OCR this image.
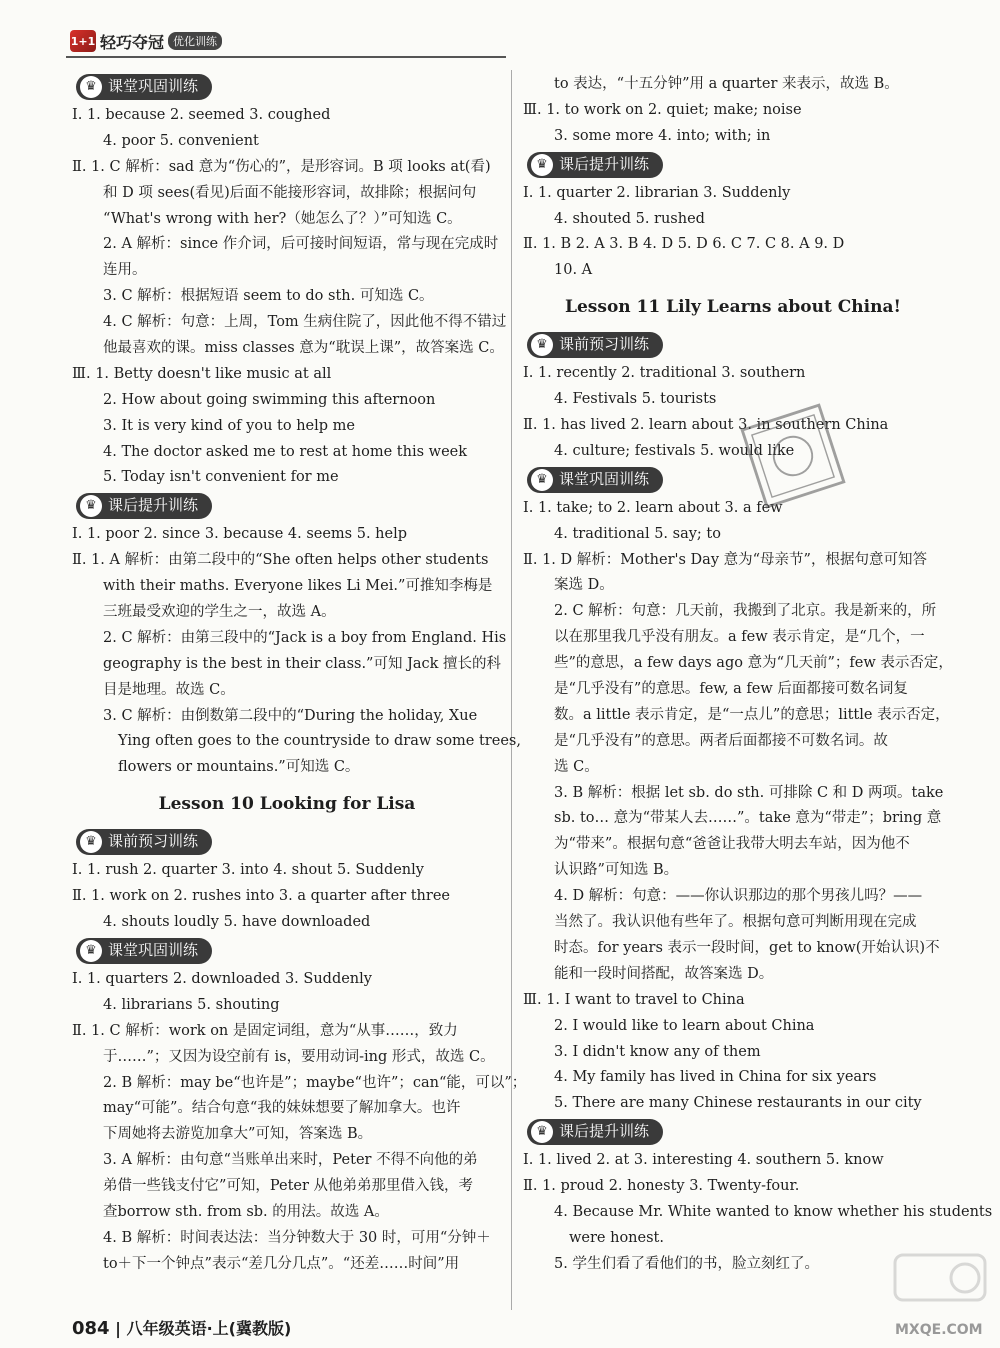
1+1 轻巧夺冠 优化训练
♛ 课堂巩固训练
Ⅰ. 1. because 2. seemed 3. coughed
4. poor 5. convenient
Ⅱ. 1. C 解析：sad 意为“伤心的”，是形容词。B 项 looks at(看)
和 D 项 sees(看见)后面不能接形容词，故排除；根据问句
“What's wrong with her?（她怎么了？）”可知选 C。
2. A 解析：since 作介词，后可接时间短语，常与现在完成时
连用。
3. C 解析：根据短语 seem to do sth. 可知选 C。
4. C 解析：句意：上周，Tom 生病住院了，因此他不得不错过
他最喜欢的课。miss classes 意为“耽误上课”，故答案选 C。
Ⅲ. 1. Betty doesn't like music at all
2. How about going swimming this afternoon
3. It is very kind of you to help me
4. The doctor asked me to rest at home this week
5. Today isn't convenient for me
♛ 课后提升训练
Ⅰ. 1. poor 2. since 3. because 4. seems 5. help
Ⅱ. 1. A 解析：由第二段中的“She often helps other students
with their maths. Everyone likes Li Mei.”可推知李梅是
三班最受欢迎的学生之一，故选 A。
2. C 解析：由第三段中的“Jack is a boy from England. His
geography is the best in their class.”可知 Jack 擅长的科
目是地理。故选 C。
3. C 解析：由倒数第二段中的“During the holiday, Xue
Ying often goes to the countryside to draw some trees,
flowers or mountains.”可知选 C。
Lesson 10 Looking for Lisa
♛ 课前预习训练
Ⅰ. 1. rush 2. quarter 3. into 4. shout 5. Suddenly
Ⅱ. 1. work on 2. rushes into 3. a quarter after three
4. shouts loudly 5. have downloaded
♛ 课堂巩固训练
Ⅰ. 1. quarters 2. downloaded 3. Suddenly
4. librarians 5. shouting
Ⅱ. 1. C 解析：work on 是固定词组，意为“从事……，致力
于……”；又因为设空前有 is，要用动词-ing 形式，故选 C。
2. B 解析：may be“也许是”；maybe“也许”；can“能，可以”；
may“可能”。结合句意“我的妹妹想要了解加拿大。也许
下周她将去游览加拿大”可知，答案选 B。
3. A 解析：由句意“当账单出来时，Peter 不得不向他的弟
弟借一些钱支付它”可知，Peter 从他弟弟那里借入钱，考
查borrow sth. from sb. 的用法。故选 A。
4. B 解析：时间表达法：当分钟数大于 30 时，可用“分钟＋
to＋下一个钟点”表示“差几分几点”。“还差……时间”用
to 表达，“十五分钟”用 a quarter 来表示，故选 B。
Ⅲ. 1. to work on 2. quiet; make; noise
3. some more 4. into; with; in
♛ 课后提升训练
Ⅰ. 1. quarter 2. librarian 3. Suddenly
4. shouted 5. rushed
Ⅱ. 1. B 2. A 3. B 4. D 5. D 6. C 7. C 8. A 9. D
10. A
Lesson 11 Lily Learns about China!
♛ 课前预习训练
Ⅰ. 1. recently 2. traditional 3. southern
4. Festivals 5. tourists
Ⅱ. 1. has lived 2. learn about 3. in southern China
4. culture; festivals 5. would like
♛ 课堂巩固训练
Ⅰ. 1. take; to 2. learn about 3. a few
4. traditional 5. say; to
Ⅱ. 1. D 解析：Mother's Day 意为“母亲节”，根据句意可知答
案选 D。
2. C 解析：句意：几天前，我搬到了北京。我是新来的，所
以在那里我几乎没有朋友。a few 表示肯定，是“几个，一
些”的意思，a few days ago 意为“几天前”；few 表示否定，
是“几乎没有”的意思。few, a few 后面都接可数名词复
数。a little 表示肯定，是“一点儿”的意思；little 表示否定，
是“几乎没有”的意思。两者后面都接不可数名词。故
选 C。
3. B 解析：根据 let sb. do sth. 可排除 C 和 D 两项。take
sb. to… 意为“带某人去……”。take 意为“带走”；bring 意
为“带来”。根据句意“爸爸让我带大明去车站，因为他不
认识路”可知选 B。
4. D 解析：句意：——你认识那边的那个男孩儿吗？——
当然了。我认识他有些年了。根据句意可判断用现在完成
时态。for years 表示一段时间，get to know(开始认识)不
能和一段时间搭配，故答案选 D。
Ⅲ. 1. I want to travel to China
2. I would like to learn about China
3. I didn't know any of them
4. My family has lived in China for six years
5. There are many Chinese restaurants in our city
♛ 课后提升训练
Ⅰ. 1. lived 2. at 3. interesting 4. southern 5. know
Ⅱ. 1. proud 2. honesty 3. Twenty-four.
4. Because Mr. White wanted to know whether his students
were honest.
5. 学生们看了看他们的书，脸立刻红了。
MXQE.COM
084 | 八年级英语·上(冀教版)
